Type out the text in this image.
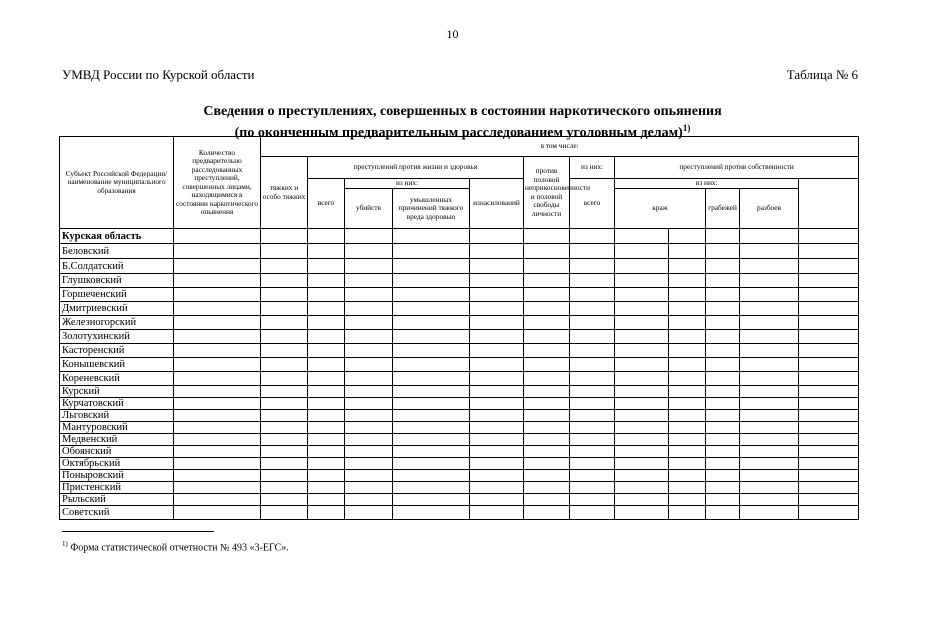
10
УМВД России по Курской области	Таблица № 6
Сведения о преступлениях, совершенных в состоянии наркотического опьянения
(по оконченным предварительным расследованием уголовным делам)$^{1)}$
Субъект Российской Федерации/ наименование муниципального образования	Количество предварительно расследованных преступлений, совершенных лицами, находящимися в состоянии наркотического опьянения	в том числе:												
		тяжких и особо тяжких	преступлений против жизни и здоровья				против половой неприкосновенности и половой свободы личности	из них:	преступлений против собственности		
			всего	из них:		изнасилований		всего	из них:					
				убийств	умышленных причинений тяжкого вреда здоровью				краж		грабежей	разбоев		
Курская область														
Беловский														
Б.Солдатский														
Глушковский														
Горшеченский														
Дмитриевский														
Железногорский														
Золотухинский														
Касторенский														
Конышевский														
Кореневский														
Курский														
Курчатовский														
Льговский														
Мантуровский														
Медвенский														
Обоянский														
Октябрьский														
Поныровский														
Пристенский														
Рыльский														
Советский														
$^{1)}$ Форма статистической отчетности № 493 «3-ЕГС».
